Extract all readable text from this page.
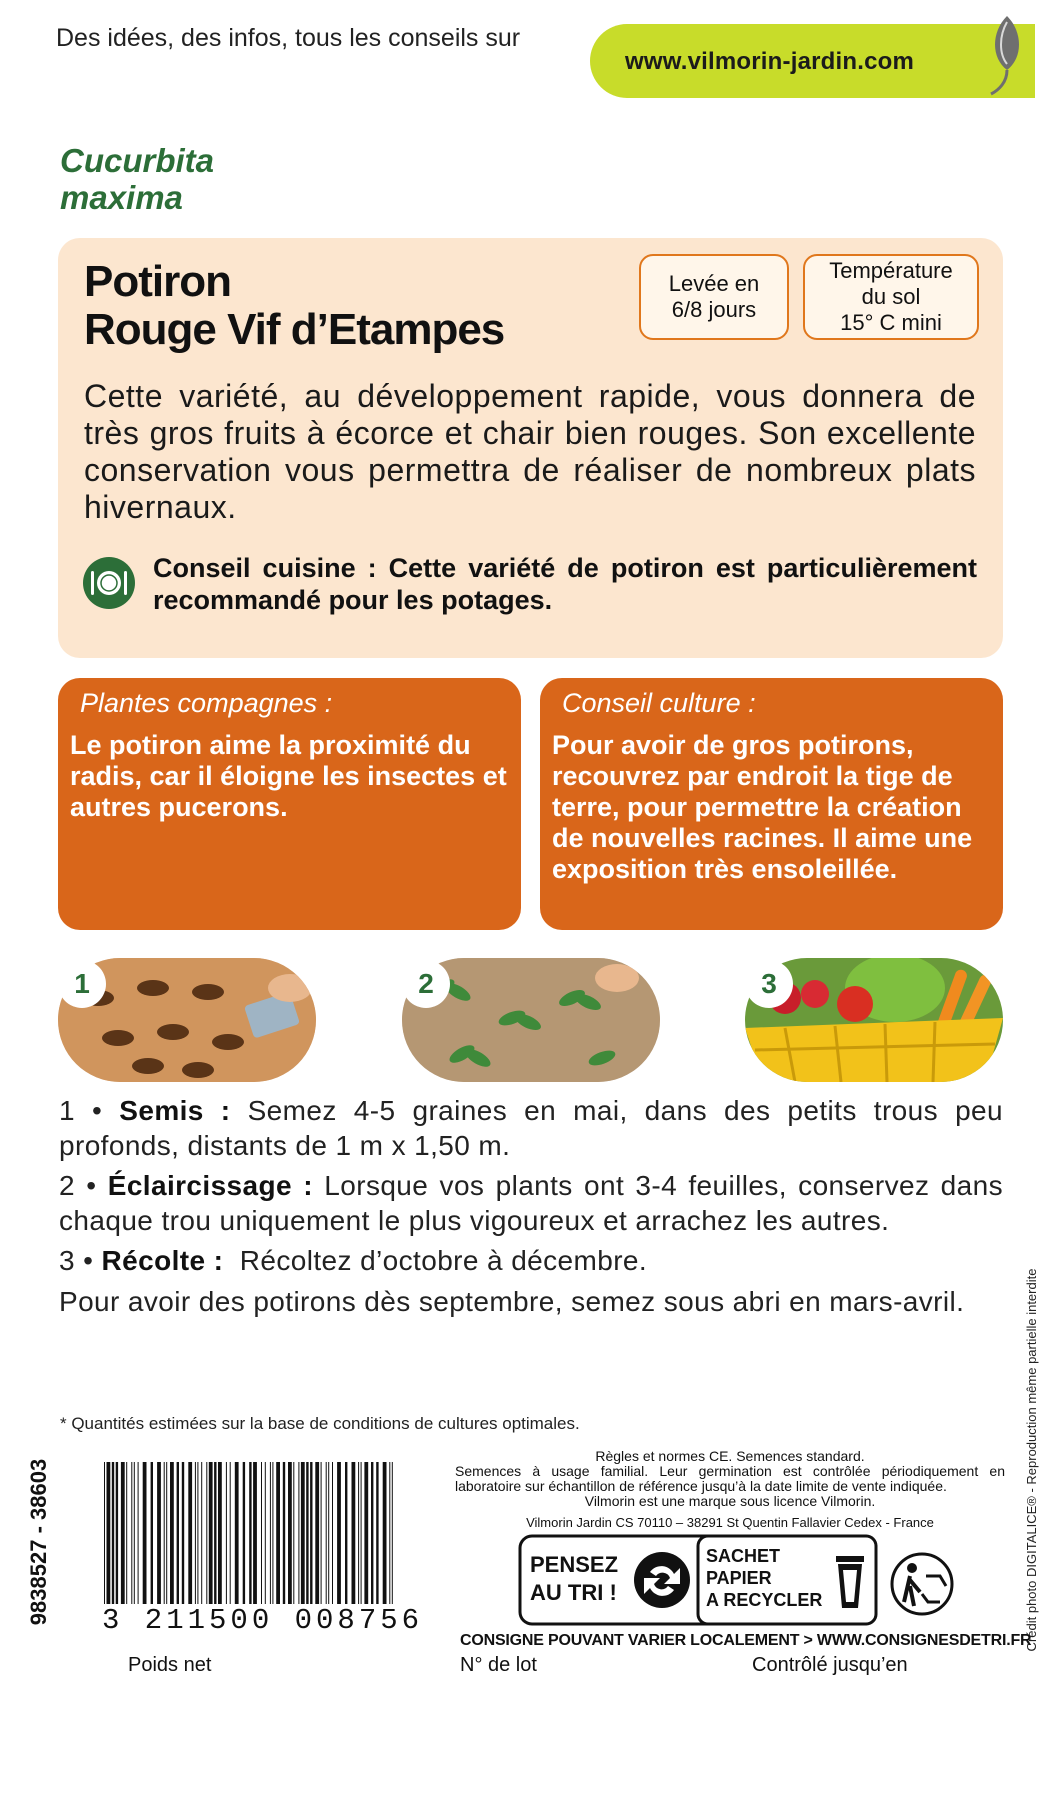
Des idées, des infos, tous les conseils sur
www.vilmorin-jardin.com
Cucurbita
maxima
Potiron
Rouge Vif d’Etampes
Levée en
6/8 jours
Température
du sol
15° C mini
Cette variété, au développement rapide, vous donnera de très gros fruits à écorce et chair bien rouges. Son excellente conservation vous permettra de réaliser de nombreux plats hivernaux.
Conseil cuisine : Cette variété de potiron est particulièrement recommandé pour les potages.
Plantes compagnes :
Le potiron aime la proximité du radis, car il éloigne les insectes et autres pucerons.
Conseil culture :
Pour avoir de gros potirons, recouvrez par endroit la tige de terre, pour permettre la création de nouvelles racines. Il aime une exposition très ensoleillée.
1	2	3

1 • Semis : Semez 4-5 graines en mai, dans des petits trous peu profonds, distants de 1 m x 1,50 m.

2 • Éclaircissage : Lorsque vos plants ont 3-4 feuilles, conservez dans chaque trou uniquement le plus vigoureux et arrachez les autres.

3 • Récolte :  Récoltez d’octobre à décembre.

Pour avoir des potirons dès septembre, semez sous abri en mars-avril.

* Quantités estimées sur la base de conditions de cultures optimales.
9838527 - 38603 3 211500 008756
Poids net
Règles et normes CE. Semences standard.
Semences à usage familial. Leur germination est contrôlée périodiquement en laboratoire sur échantillon de référence jusqu’à la date limite de vente indiquée.
Vilmorin est une marque sous licence Vilmorin.
Vilmorin Jardin CS 70110 – 38291 St Quentin Fallavier Cedex - France
PENSEZ
AU TRI !
SACHET
PAPIER
A RECYCLER
CONSIGNE POUVANT VARIER LOCALEMENT > WWW.CONSIGNESDETRI.FR
N° de lot	Contrôlé jusqu’en
Crédit photo DIGITALICE® - Reproduction même partielle interdite
